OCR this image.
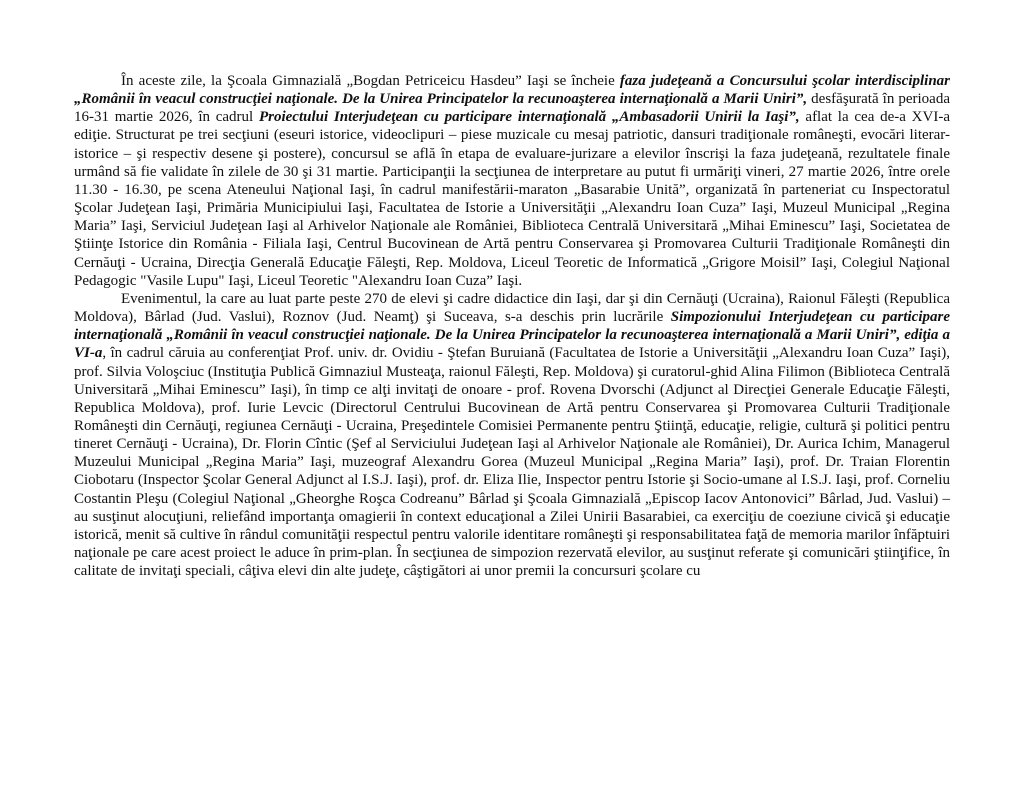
În aceste zile, la Şcoala Gimnazială „Bogdan Petriceicu Hasdeu” Iaşi se încheie faza judeţeană a Concursului şcolar interdisciplinar „Românii în veacul construcţiei naţionale. De la Unirea Principatelor la recunoaşterea internaţională a Marii Uniri”, desfăşurată în perioada 16-31 martie 2026, în cadrul Proiectului Interjudeţean cu participare internaţională „Ambasadorii Unirii la Iaşi”, aflat la cea de-a XVI-a ediţie. Structurat pe trei secţiuni (eseuri istorice, videoclipuri – piese muzicale cu mesaj patriotic, dansuri tradiţionale româneşti, evocări literar-istorice – şi respectiv desene şi postere), concursul se află în etapa de evaluare-jurizare a elevilor înscrişi la faza judeţeană, rezultatele finale urmând să fie validate în zilele de 30 şi 31 martie. Participanţii la secţiunea de interpretare au putut fi urmăriţi vineri, 27 martie 2026, între orele 11.30 - 16.30, pe scena Ateneului Naţional Iaşi, în cadrul manifestării-maraton „Basarabie Unită”, organizată în parteneriat cu Inspectoratul Şcolar Judeţean Iaşi, Primăria Municipiului Iaşi, Facultatea de Istorie a Universităţii „Alexandru Ioan Cuza” Iaşi, Muzeul Municipal „Regina Maria” Iaşi, Serviciul Judeţean Iaşi al Arhivelor Naţionale ale României, Biblioteca Centrală Universitară „Mihai Eminescu” Iaşi, Societatea de Ştiinţe Istorice din România - Filiala Iaşi, Centrul Bucovinean de Artă pentru Conservarea şi Promovarea Culturii Tradiţionale Româneşti din Cernăuţi - Ucraina, Direcţia Generală Educaţie Făleşti, Rep. Moldova, Liceul Teoretic de Informatică „Grigore Moisil” Iaşi, Colegiul Naţional Pedagogic "Vasile Lupu" Iaşi, Liceul Teoretic "Alexandru Ioan Cuza” Iaşi.

Evenimentul, la care au luat parte peste 270 de elevi şi cadre didactice din Iaşi, dar şi din Cernăuţi (Ucraina), Raionul Făleşti (Republica Moldova), Bârlad (Jud. Vaslui), Roznov (Jud. Neamţ) şi Suceava, s-a deschis prin lucrările Simpozionului Interjudeţean cu participare internaţională „Românii în veacul construcţiei naţionale. De la Unirea Principatelor la recunoaşterea internaţională a Marii Uniri”, ediţia a VI-a, în cadrul căruia au conferenţiat Prof. univ. dr. Ovidiu - Ştefan Buruiană (Facultatea de Istorie a Universităţii „Alexandru Ioan Cuza” Iaşi), prof. Silvia Voloşciuc (Instituţia Publică Gimnaziul Musteaţa, raionul Făleşti, Rep. Moldova) şi curatorul-ghid Alina Filimon (Biblioteca Centrală Universitară „Mihai Eminescu” Iaşi), în timp ce alţi invitaţi de onoare - prof. Rovena Dvorschi (Adjunct al Direcţiei Generale Educaţie Făleşti, Republica Moldova), prof. Iurie Levcic (Directorul Centrului Bucovinean de Artă pentru Conservarea şi Promovarea Culturii Tradiţionale Româneşti din Cernăuţi, regiunea Cernăuţi - Ucraina, Preşedintele Comisiei Permanente pentru Ştiinţă, educaţie, religie, cultură şi politici pentru tineret Cernăuţi - Ucraina), Dr. Florin Cîntic (Şef al Serviciului Judeţean Iaşi al Arhivelor Naţionale ale României), Dr. Aurica Ichim, Managerul Muzeului Municipal „Regina Maria” Iaşi, muzeograf Alexandru Gorea (Muzeul Municipal „Regina Maria” Iaşi), prof. Dr. Traian Florentin Ciobotaru (Inspector Şcolar General Adjunct al I.S.J. Iaşi), prof. dr. Eliza Ilie, Inspector pentru Istorie şi Socio-umane al I.S.J. Iaşi, prof. Corneliu Costantin Pleşu (Colegiul Naţional „Gheorghe Roşca Codreanu” Bârlad şi Şcoala Gimnazială „Episcop Iacov Antonovici” Bârlad, Jud. Vaslui) – au susţinut alocuţiuni, reliefând importanţa omagierii în context educaţional a Zilei Unirii Basarabiei, ca exerciţiu de coeziune civică şi educaţie istorică, menit să cultive în rândul comunităţii respectul pentru valorile identitare româneşti şi responsabilitatea faţă de memoria marilor înfăptuiri naţionale pe care acest proiect le aduce în prim-plan. În secţiunea de simpozion rezervată elevilor, au susţinut referate şi comunicări ştiinţifice, în calitate de invitaţi speciali, câţiva elevi din alte judeţe, câştigători ai unor premii la concursuri şcolare cu
